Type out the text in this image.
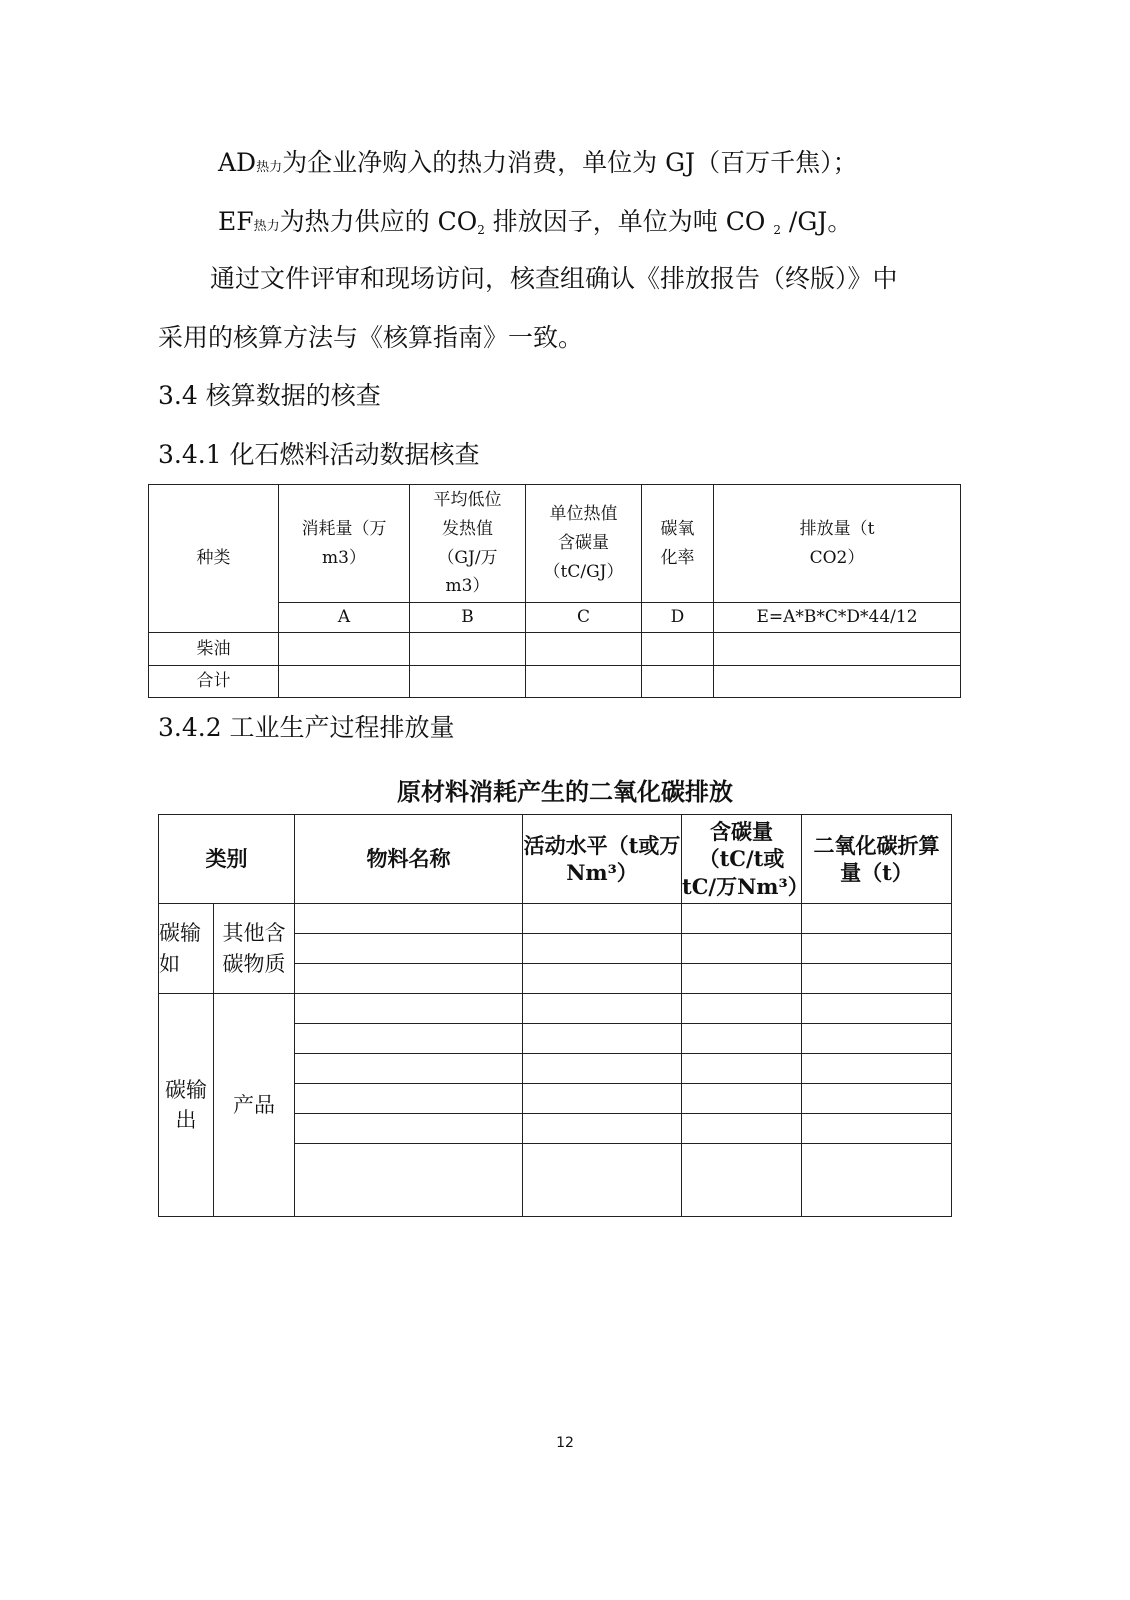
AD热力为企业净购入的热力消费，单位为 GJ（百万千焦）；
EF热力为热力供应的 CO2 排放因子，单位为吨 CO 2 /GJ。
通过文件评审和现场访问，核查组确认《排放报告（终版）》中
采用的核算方法与《核算指南》一致。
3.4 核算数据的核查
3.4.1 化石燃料活动数据核查
种类	消耗量（万m3）	平均低位发热值（GJ/万m3）	单位热值含碳量（tC/GJ）	碳氧化率	排放量（t CO2）
	A	B	C	D	E=A*B*C*D*44/12
柴油					
合计					
3.4.2 工业生产过程排放量
原材料消耗产生的二氧化碳排放
类别		物料名称	活动水平（t或万Nm³）	含碳量（tC/t或tC/万Nm³）	二氧化碳折算量（t）
碳输如	其他含碳物质				

碳输出	产品				

12
